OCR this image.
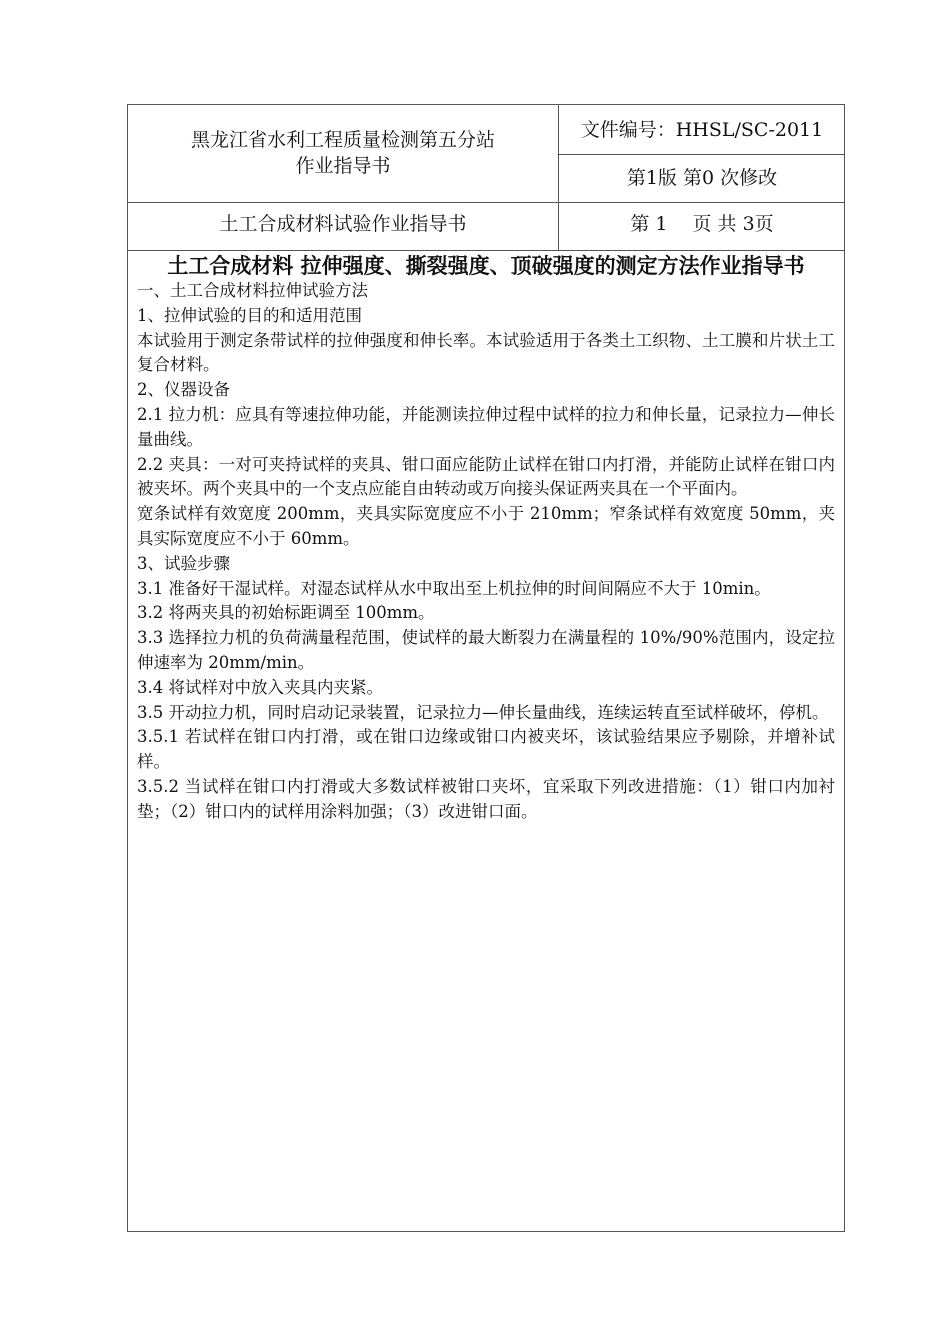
黑龙江省水利工程质量检测第五分站
作业指导书
文件编号：HHSL/SC-2011
第1版 第0 次修改
土工合成材料试验作业指导书	第 1　 页 共 3页
土工合成材料 拉伸强度、撕裂强度、顶破强度的测定方法作业指导书

一、土工合成材料拉伸试验方法

1、拉伸试验的目的和适用范围

本试验用于测定条带试样的拉伸强度和伸长率。本试验适用于各类土工织物、土工膜和片状土工复合材料。

2、仪器设备

2.1 拉力机：应具有等速拉伸功能，并能测读拉伸过程中试样的拉力和伸长量，记录拉力—伸长量曲线。

2.2 夹具：一对可夹持试样的夹具、钳口面应能防止试样在钳口内打滑，并能防止试样在钳口内被夹坏。两个夹具中的一个支点应能自由转动或万向接头保证两夹具在一个平面内。

宽条试样有效宽度 200mm，夹具实际宽度应不小于 210mm；窄条试样有效宽度 50mm，夹具实际宽度应不小于 60mm。

3、试验步骤

3.1 准备好干湿试样。对湿态试样从水中取出至上机拉伸的时间间隔应不大于 10min。

3.2 将两夹具的初始标距调至 100mm。

3.3 选择拉力机的负荷满量程范围，使试样的最大断裂力在满量程的 10%/90%范围内，设定拉伸速率为 20mm/min。

3.4 将试样对中放入夹具内夹紧。

3.5 开动拉力机，同时启动记录装置，记录拉力—伸长量曲线，连续运转直至试样破坏，停机。

3.5.1 若试样在钳口内打滑，或在钳口边缘或钳口内被夹坏，该试验结果应予剔除，并增补试样。

3.5.2 当试样在钳口内打滑或大多数试样被钳口夹坏，宜采取下列改进措施：（1）钳口内加衬垫；（2）钳口内的试样用涂料加强；（3）改进钳口面。
